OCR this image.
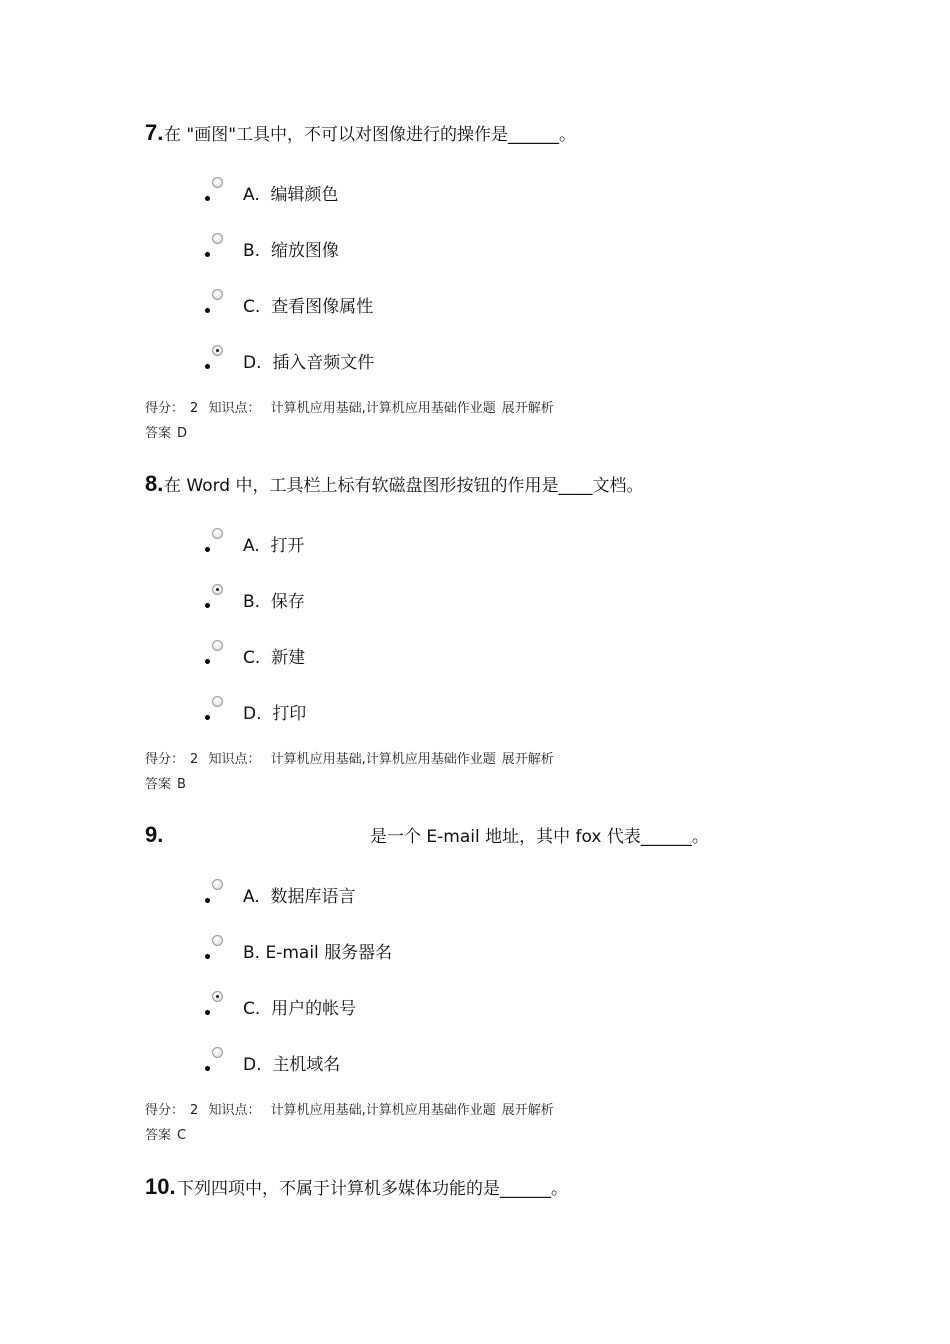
7. 在 "画图"工具中，不可以对图像进行的操作是______。
A. 编辑颜色
B. 缩放图像
C. 查看图像属性
D. 插入音频文件
得分： 2 知识点： 计算机应用基础,计算机应用基础作业题 展开解析
答案 D
8. 在 Word 中，工具栏上标有软磁盘图形按钮的作用是____文档。
A. 打开
B. 保存
C. 新建
D. 打印
得分： 2 知识点： 计算机应用基础,计算机应用基础作业题 展开解析
答案 B
9.	是一个 E-mail 地址，其中 fox 代表______。
A. 数据库语言
B. E-mail 服务器名
C. 用户的帐号
D. 主机域名
得分： 2 知识点： 计算机应用基础,计算机应用基础作业题 展开解析
答案 C
10. 下列四项中，不属于计算机多媒体功能的是______。
